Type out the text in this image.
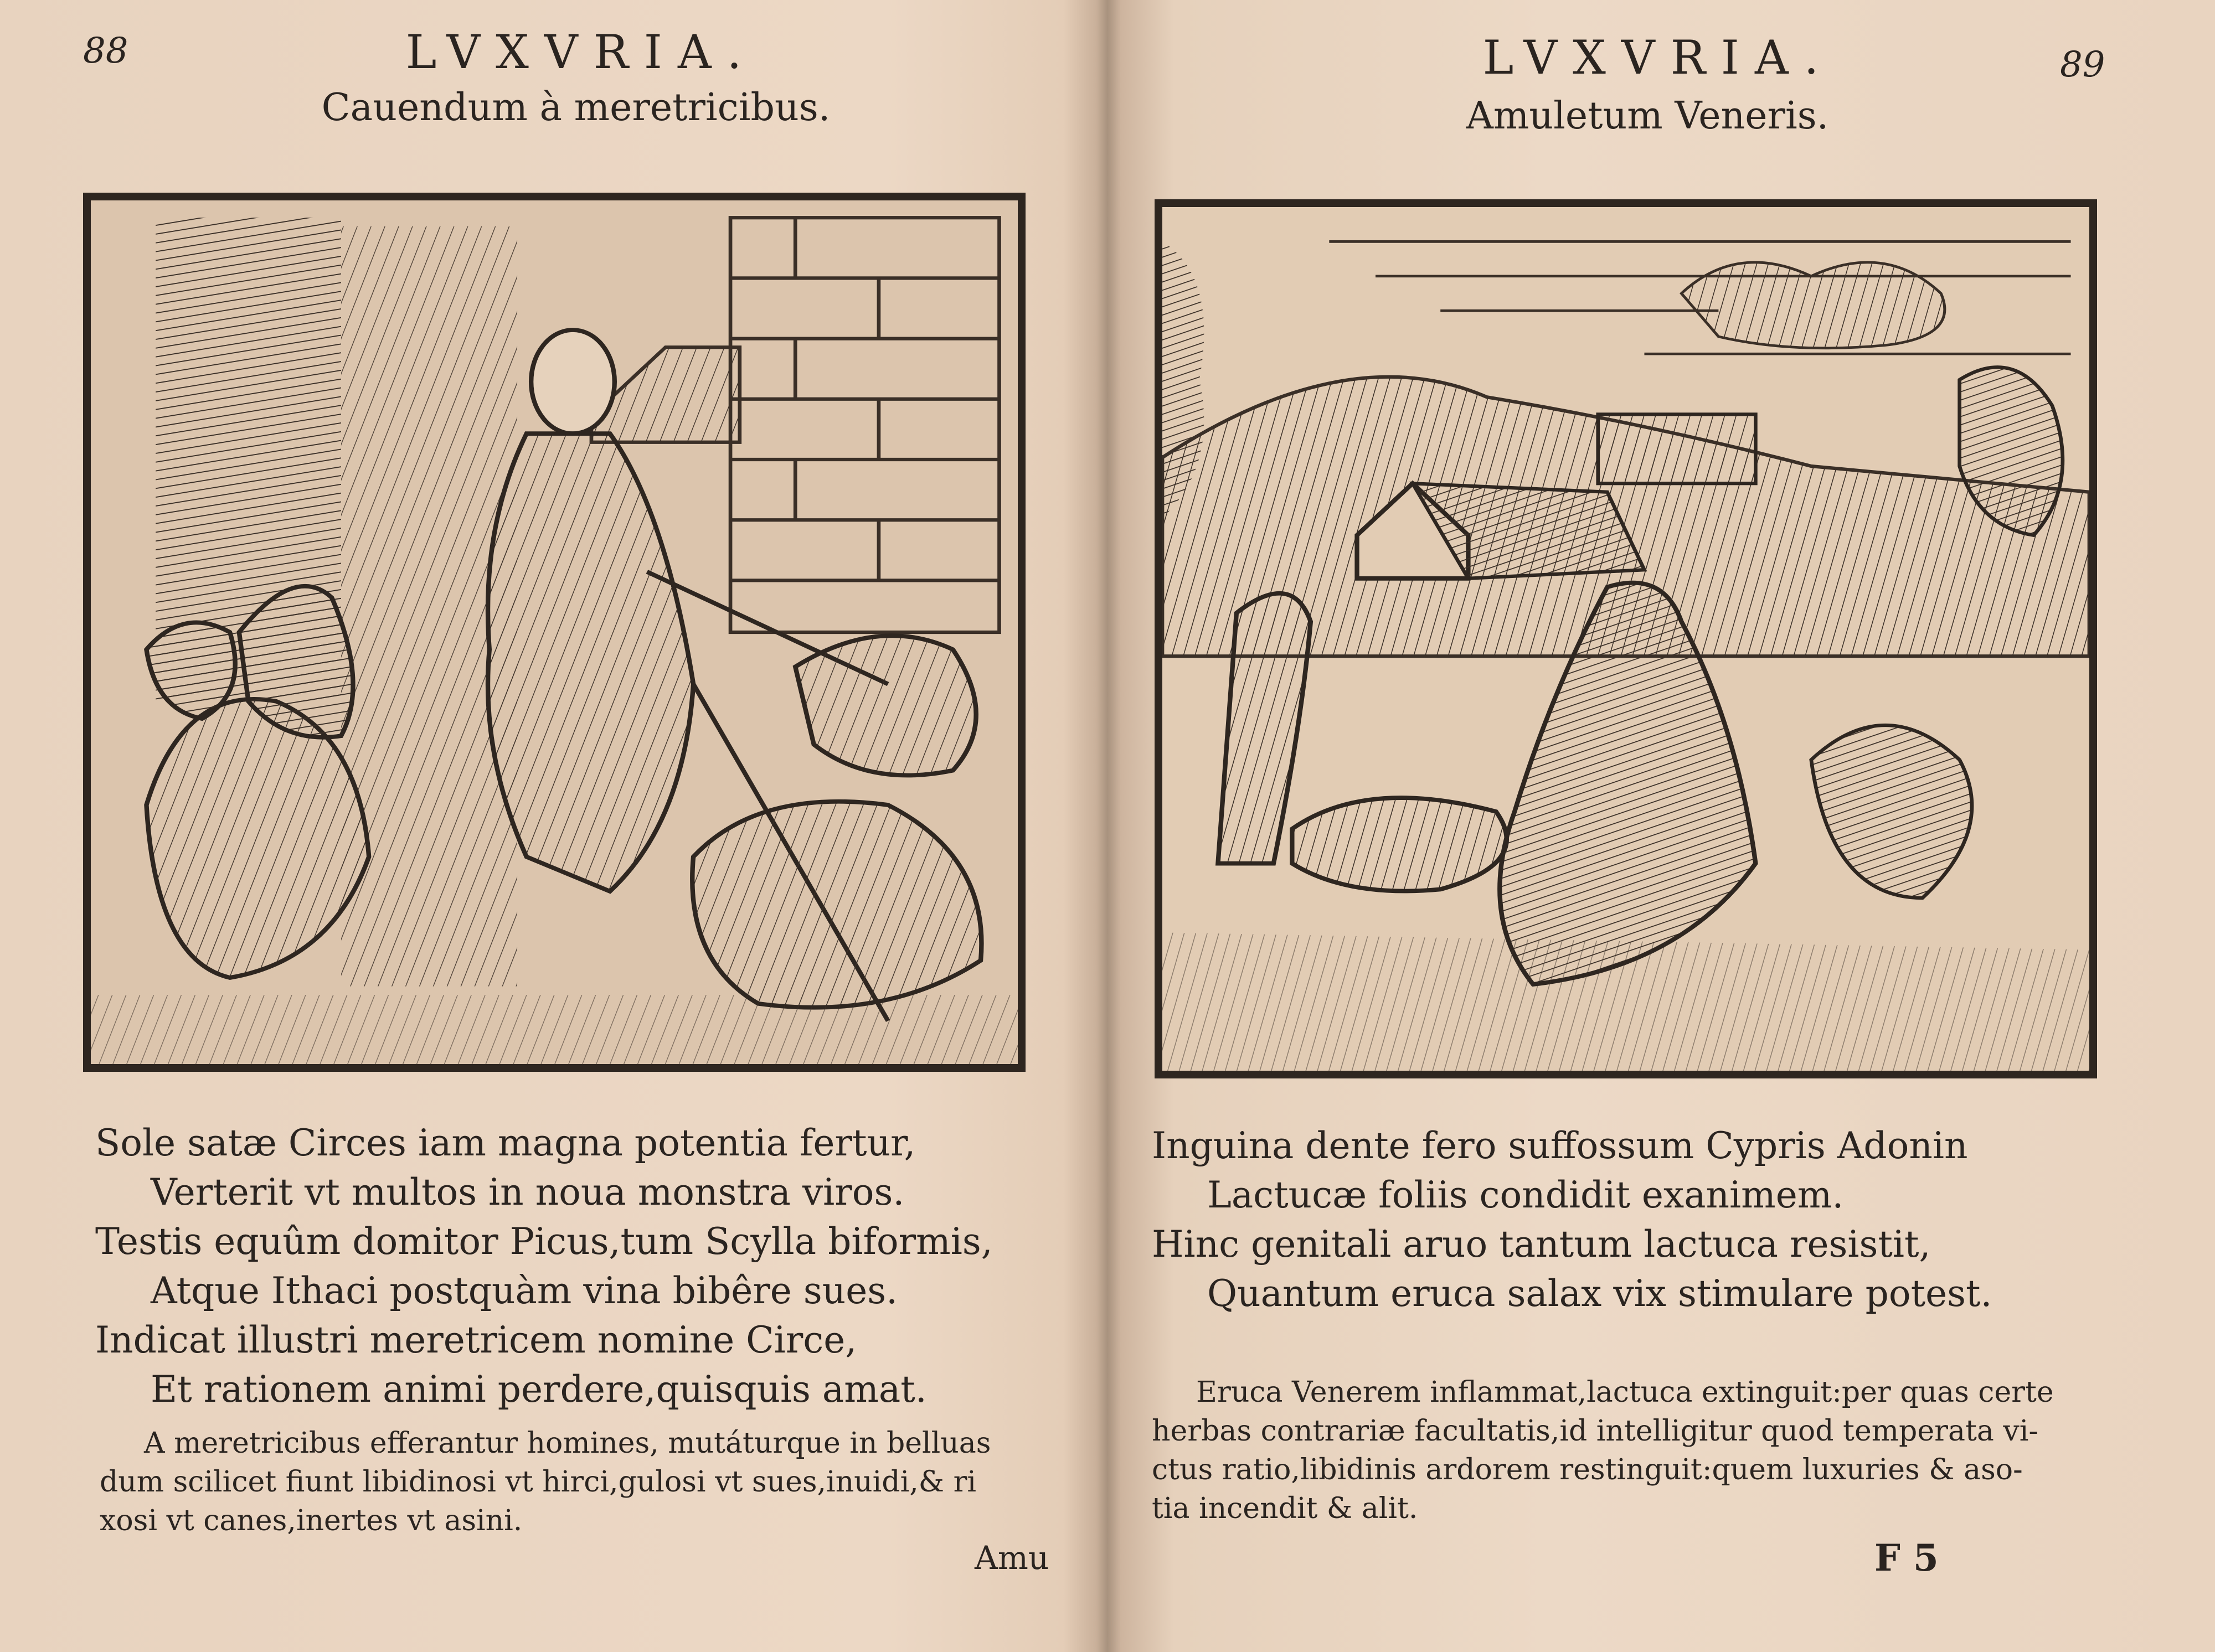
88	LVXVRIA.
Cauendum à meretricibus.
Sole satæ Circes iam magna potentia fertur,
Verterit vt multos in noua monstra viros.
Testis equûm domitor Picus,tum Scylla biformis,
Atque Ithaci postquàm vina bibêre sues.
Indicat illustri meretricem nomine Circe,
Et rationem animi perdere,quisquis amat.
A meretricibus efferantur homines, mutáturque in belluas
dum scilicet fiunt libidinosi vt hirci,gulosi vt sues,inuidi,& ri
xosi vt canes,inertes vt asini.
Amu
LVXVRIA.	89
Amuletum Veneris.
Inguina dente fero suffossum Cypris Adonin
Lactucæ foliis condidit exanimem.
Hinc genitali aruo tantum lactuca resistit,
Quantum eruca salax vix stimulare potest.
Eruca Venerem inflammat,lactuca extinguit:per quas certe
herbas contrariæ facultatis,id intelligitur quod temperata vi-
ctus ratio,libidinis ardorem restinguit:quem luxuries & aso-
tia incendit & alit.
F 5
